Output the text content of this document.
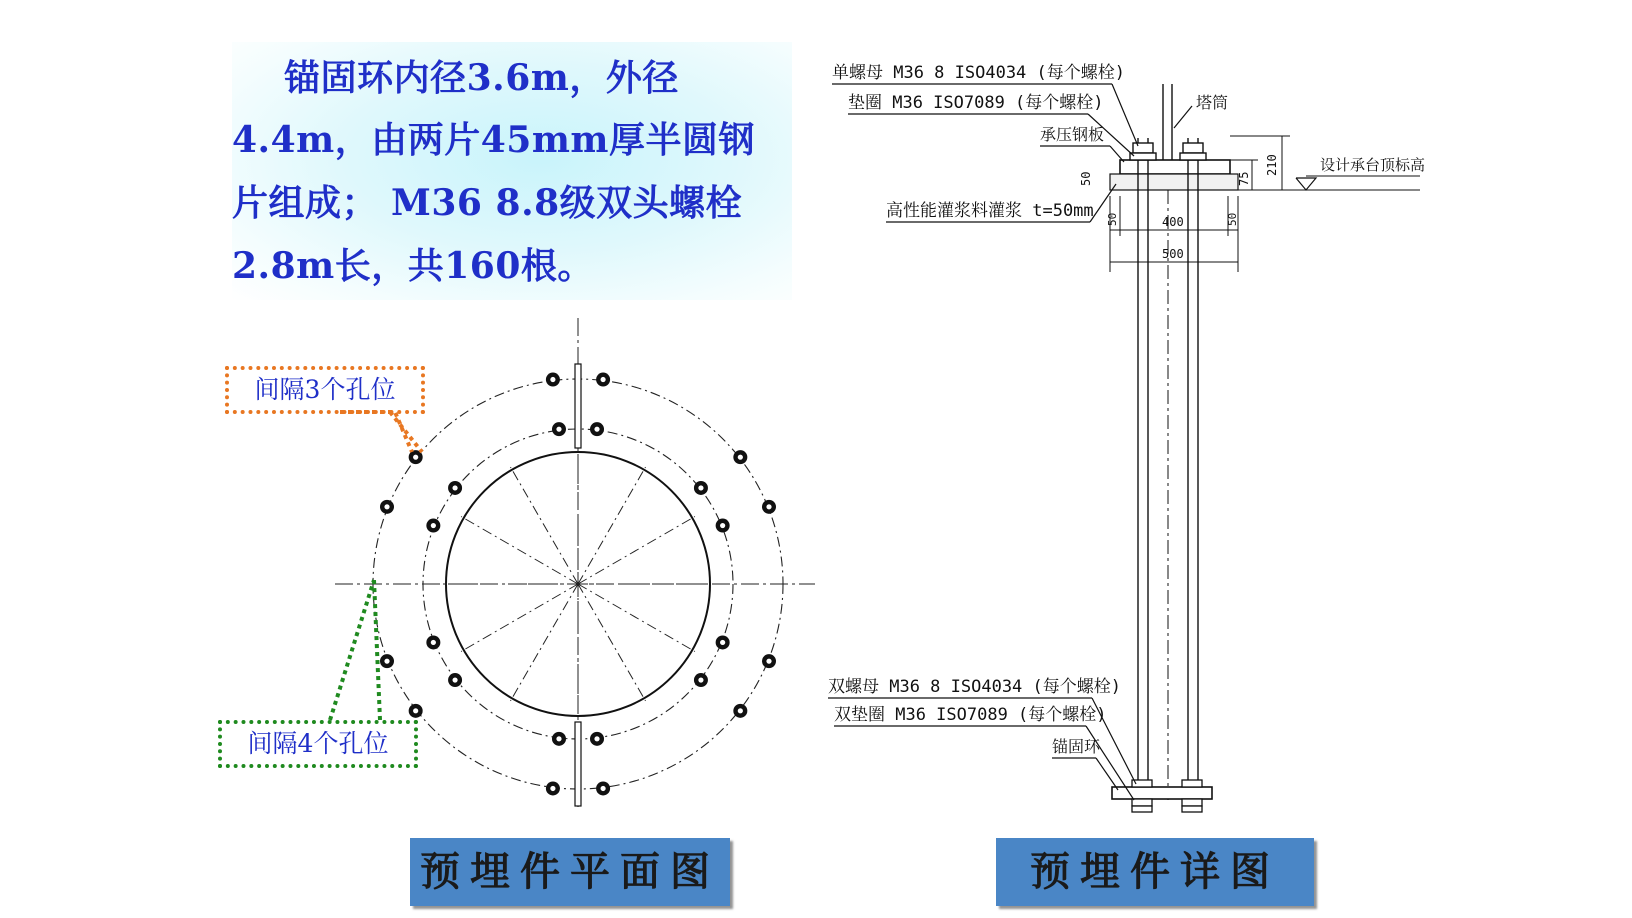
锚固环内径3.6m，外径
4.4m，由两片45mm厚半圆钢
片组成； M36 8.8级双头螺栓
2.8m长，共160根。
间隔3个孔位
间隔4个孔位
单螺母 M36 8 ISO4034 (每个螺栓)
垫圈 M36 ISO7089 (每个螺栓)	塔筒
承压钢板
高性能灌浆料灌浆 t=50mm
50
210
75
设计承台顶标高
50	400	50
500
双螺母 M36 8 ISO4034 (每个螺栓)
双垫圈 M36 ISO7089 (每个螺栓)
锚固环
预埋件平面图	预埋件详图
